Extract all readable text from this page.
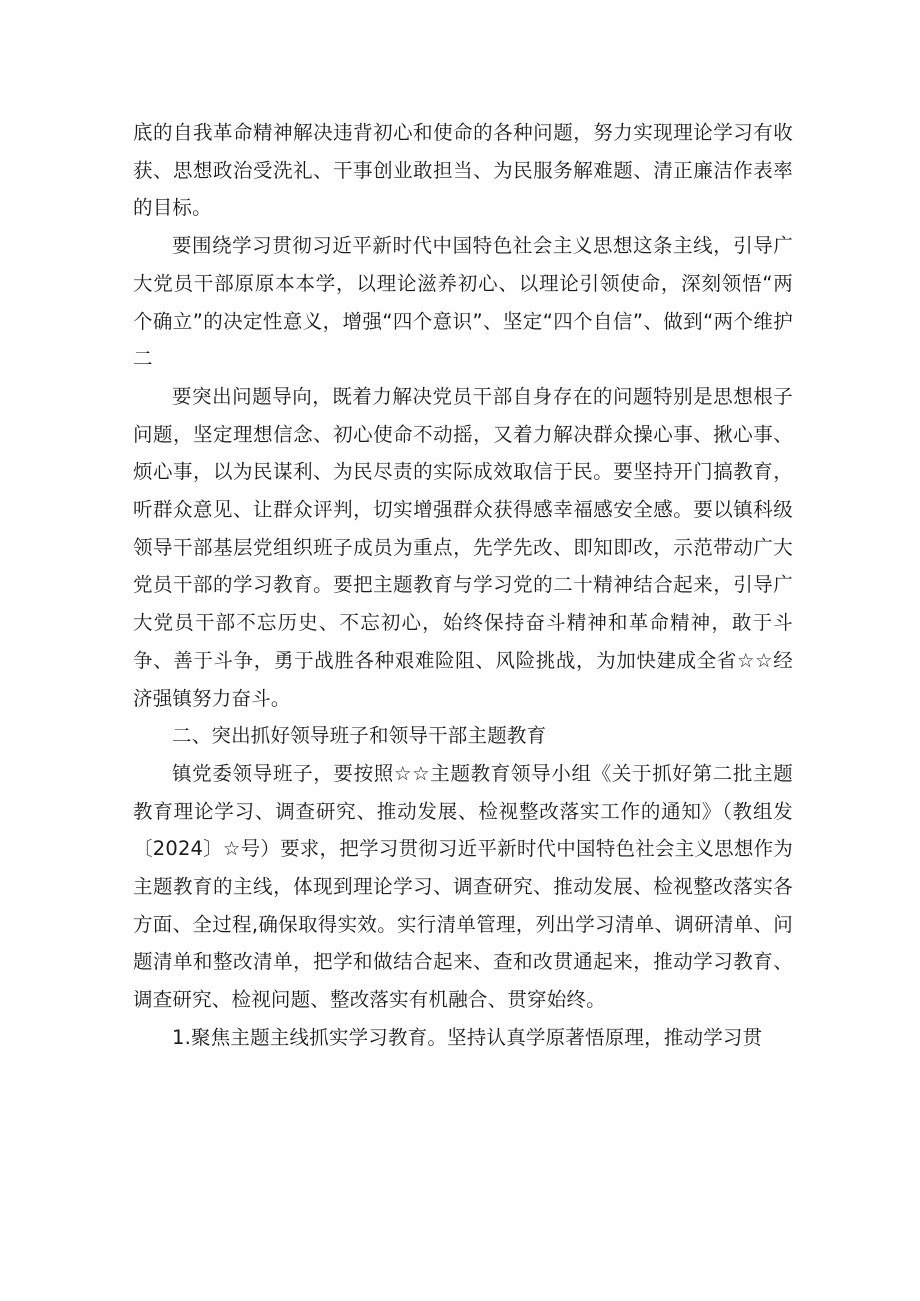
底的自我革命精神解决违背初心和使命的各种问题，努力实现理论学习有收获、思想政治受洗礼、干事创业敢担当、为民服务解难题、清正廉洁作表率的目标。

要围绕学习贯彻习近平新时代中国特色社会主义思想这条主线，引导广大党员干部原原本本学，以理论滋养初心、以理论引领使命，深刻领悟“两个确立”的决定性意义，增强“四个意识”、坚定“四个自信”、做到“两个维护二

要突出问题导向，既着力解决党员干部自身存在的问题特别是思想根子问题，坚定理想信念、初心使命不动摇，又着力解决群众操心事、揪心事、烦心事，以为民谋利、为民尽责的实际成效取信于民。要坚持开门搞教育，听群众意见、让群众评判，切实增强群众获得感幸福感安全感。要以镇科级领导干部基层党组织班子成员为重点，先学先改、即知即改，示范带动广大党员干部的学习教育。要把主题教育与学习党的二十精神结合起来，引导广大党员干部不忘历史、不忘初心，始终保持奋斗精神和革命精神，敢于斗争、善于斗争，勇于战胜各种艰难险阻、风险挑战，为加快建成全省☆☆经济强镇努力奋斗。

二、突出抓好领导班子和领导干部主题教育

镇党委领导班子，要按照☆☆主题教育领导小组《关于抓好第二批主题教育理论学习、调查研究、推动发展、检视整改落实工作的通知》（教组发〔2024〕☆号）要求，把学习贯彻习近平新时代中国特色社会主义思想作为主题教育的主线，体现到理论学习、调查研究、推动发展、检视整改落实各方面、全过程,确保取得实效。实行清单管理，列出学习清单、调研清单、问题清单和整改清单，把学和做结合起来、查和改贯通起来，推动学习教育、调查研究、检视问题、整改落实有机融合、贯穿始终。

1.聚焦主题主线抓实学习教育。坚持认真学原著悟原理，推动学习贯
